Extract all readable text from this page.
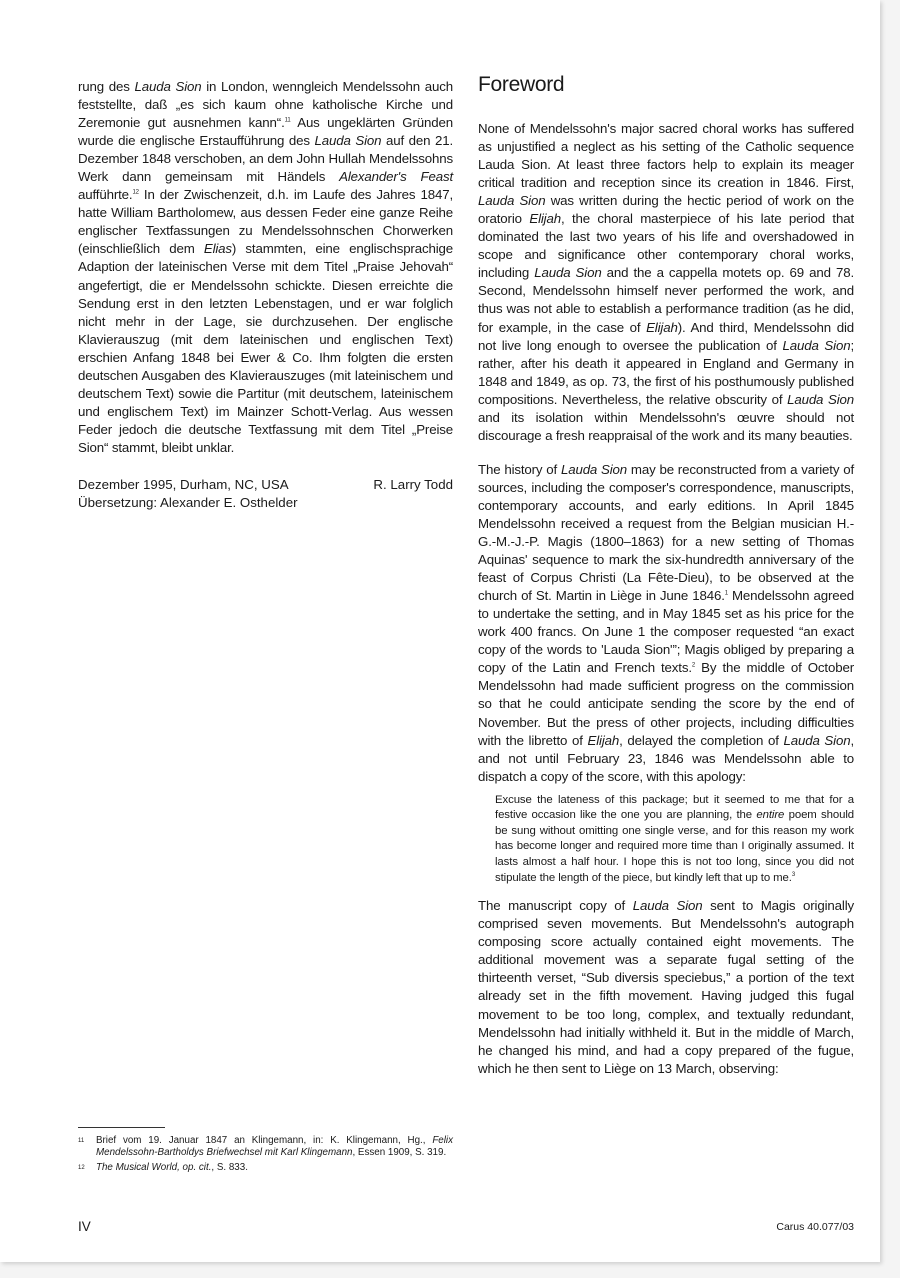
rung des Lauda Sion in London, wenngleich Mendelssohn auch feststellte, daß „es sich kaum ohne katholische Kirche und Zeremonie gut ausnehmen kann“.$^{11}$ Aus ungeklärten Gründen wurde die englische Erstaufführung des Lauda Sion auf den 21. Dezember 1848 verschoben, an dem John Hullah Mendelssohns Werk dann gemeinsam mit Händels Alexander's Feast aufführte.$^{12}$ In der Zwischenzeit, d.h. im Laufe des Jahres 1847, hatte William Bartholomew, aus dessen Feder eine ganze Reihe englischer Textfassungen zu Mendelssohnschen Chorwerken (einschließlich dem Elias) stammten, eine englischsprachige Adaption der lateinischen Verse mit dem Titel „Praise Jehovah“ angefertigt, die er Mendelssohn schickte. Diesen erreichte die Sendung erst in den letzten Lebenstagen, und er war folglich nicht mehr in der Lage, sie durchzusehen. Der englische Klavierauszug (mit dem lateinischen und englischen Text) erschien Anfang 1848 bei Ewer & Co. Ihm folgten die ersten deutschen Ausgaben des Klavierauszuges (mit lateinischem und deutschem Text) sowie die Partitur (mit deutschem, lateinischem und englischem Text) im Mainzer Schott-Verlag. Aus wessen Feder jedoch die deutsche Textfassung mit dem Titel „Preise Sion“ stammt, bleibt unklar.

Dezember 1995, Durham, NC, USA	R. Larry Todd
Übersetzung: Alexander E. Osthelder
11	Brief vom 19. Januar 1847 an Klingemann, in: K. Klingemann, Hg., Felix Mendelssohn-Bartholdys Briefwechsel mit Karl Klingemann, Essen 1909, S. 319.
12	The Musical World, op. cit., S. 833.
Foreword

None of Mendelssohn's major sacred choral works has suffered as unjustified a neglect as his setting of the Catholic sequence Lauda Sion. At least three factors help to explain its meager critical tradition and reception since its creation in 1846. First, Lauda Sion was written during the hectic period of work on the oratorio Elijah, the choral masterpiece of his late period that dominated the last two years of his life and overshadowed in scope and significance other contemporary choral works, including Lauda Sion and the a cappella motets op. 69 and 78. Second, Mendelssohn himself never performed the work, and thus was not able to establish a performance tradition (as he did, for example, in the case of Elijah). And third, Mendelssohn did not live long enough to oversee the publication of Lauda Sion; rather, after his death it appeared in England and Germany in 1848 and 1849, as op. 73, the first of his posthumously published compositions. Nevertheless, the relative obscurity of Lauda Sion and its isolation within Mendelssohn's œuvre should not discourage a fresh reappraisal of the work and its many beauties.

The history of Lauda Sion may be reconstructed from a variety of sources, including the composer's correspondence, manuscripts, contemporary accounts, and early editions. In April 1845 Mendelssohn received a request from the Belgian musician H.-G.-M.-J.-P. Magis (1800–1863) for a new setting of Thomas Aquinas' sequence to mark the six-hundredth anniversary of the feast of Corpus Christi (La Fête-Dieu), to be observed at the church of St. Martin in Liège in June 1846.$^1$ Mendelssohn agreed to undertake the setting, and in May 1845 set as his price for the work 400 francs. On June 1 the composer requested “an exact copy of the words to 'Lauda Sion'”; Magis obliged by preparing a copy of the Latin and French texts.$^2$ By the middle of October Mendelssohn had made sufficient progress on the commission so that he could anticipate sending the score by the end of November. But the press of other projects, including difficulties with the libretto of Elijah, delayed the completion of Lauda Sion, and not until February 23, 1846 was Mendelssohn able to dispatch a copy of the score, with this apology:

Excuse the lateness of this package; but it seemed to me that for a festive occasion like the one you are planning, the entire poem should be sung without omitting one single verse, and for this reason my work has become longer and required more time than I originally assumed. It lasts almost a half hour. I hope this is not too long, since you did not stipulate the length of the piece, but kindly left that up to me.$^3$

The manuscript copy of Lauda Sion sent to Magis originally comprised seven movements. But Mendelssohn's autograph composing score actually contained eight movements. The additional movement was a separate fugal setting of the thirteenth verset, “Sub diversis speciebus,” a portion of the text already set in the fifth movement. Having judged this fugal movement to be too long, complex, and textually redundant, Mendelssohn had initially withheld it. But in the middle of March, he changed his mind, and had a copy prepared of the fugue, which he then sent to Liège on 13 March, observing:

IV	Carus 40.077/03
